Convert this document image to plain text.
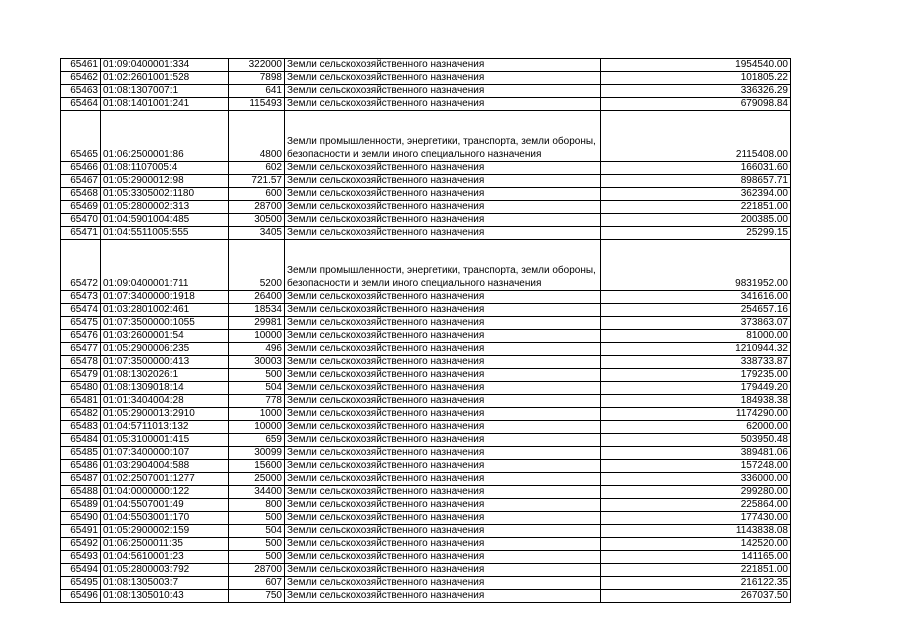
65461	01:09:0400001:334	322000	Земли сельскохозяйственного назначения	1954540.00
65462	01:02:2601001:528	7898	Земли сельскохозяйственного назначения	101805.22
65463	01:08:1307007:1	641	Земли сельскохозяйственного назначения	336326.29
65464	01:08:1401001:241	115493	Земли сельскохозяйственного назначения	679098.84
65465	01:06:2500001:86	4800	Земли промышленности, энергетики, транспорта, земли обороны, безопасности и земли иного специального назначения	2115408.00
65466	01:08:1107005:4	602	Земли сельскохозяйственного назначения	166031.60
65467	01:05:2900012:98	721.57	Земли сельскохозяйственного назначения	898657.71
65468	01:05:3305002:1180	600	Земли сельскохозяйственного назначения	362394.00
65469	01:05:2800002:313	28700	Земли сельскохозяйственного назначения	221851.00
65470	01:04:5901004:485	30500	Земли сельскохозяйственного назначения	200385.00
65471	01:04:5511005:555	3405	Земли сельскохозяйственного назначения	25299.15
65472	01:09:0400001:711	5200	Земли промышленности, энергетики, транспорта, земли обороны, безопасности и земли иного специального назначения	9831952.00
65473	01:07:3400000:1918	26400	Земли сельскохозяйственного назначения	341616.00
65474	01:03:2801002:461	18534	Земли сельскохозяйственного назначения	254657.16
65475	01:07:3500000:1055	29981	Земли сельскохозяйственного назначения	373863.07
65476	01:03:2600001:54	10000	Земли сельскохозяйственного назначения	81000.00
65477	01:05:2900006:235	496	Земли сельскохозяйственного назначения	1210944.32
65478	01:07:3500000:413	30003	Земли сельскохозяйственного назначения	338733.87
65479	01:08:1302026:1	500	Земли сельскохозяйственного назначения	179235.00
65480	01:08:1309018:14	504	Земли сельскохозяйственного назначения	179449.20
65481	01:01:3404004:28	778	Земли сельскохозяйственного назначения	184938.38
65482	01:05:2900013:2910	1000	Земли сельскохозяйственного назначения	1174290.00
65483	01:04:5711013:132	10000	Земли сельскохозяйственного назначения	62000.00
65484	01:05:3100001:415	659	Земли сельскохозяйственного назначения	503950.48
65485	01:07:3400000:107	30099	Земли сельскохозяйственного назначения	389481.06
65486	01:03:2904004:588	15600	Земли сельскохозяйственного назначения	157248.00
65487	01:02:2507001:1277	25000	Земли сельскохозяйственного назначения	336000.00
65488	01:04:0000000:122	34400	Земли сельскохозяйственного назначения	299280.00
65489	01:04:5507001:49	800	Земли сельскохозяйственного назначения	225864.00
65490	01:04:5503001:170	500	Земли сельскохозяйственного назначения	177430.00
65491	01:05:2900002:159	504	Земли сельскохозяйственного назначения	1143838.08
65492	01:06:2500011:35	500	Земли сельскохозяйственного назначения	142520.00
65493	01:04:5610001:23	500	Земли сельскохозяйственного назначения	141165.00
65494	01:05:2800003:792	28700	Земли сельскохозяйственного назначения	221851.00
65495	01:08:1305003:7	607	Земли сельскохозяйственного назначения	216122.35
65496	01:08:1305010:43	750	Земли сельскохозяйственного назначения	267037.50
